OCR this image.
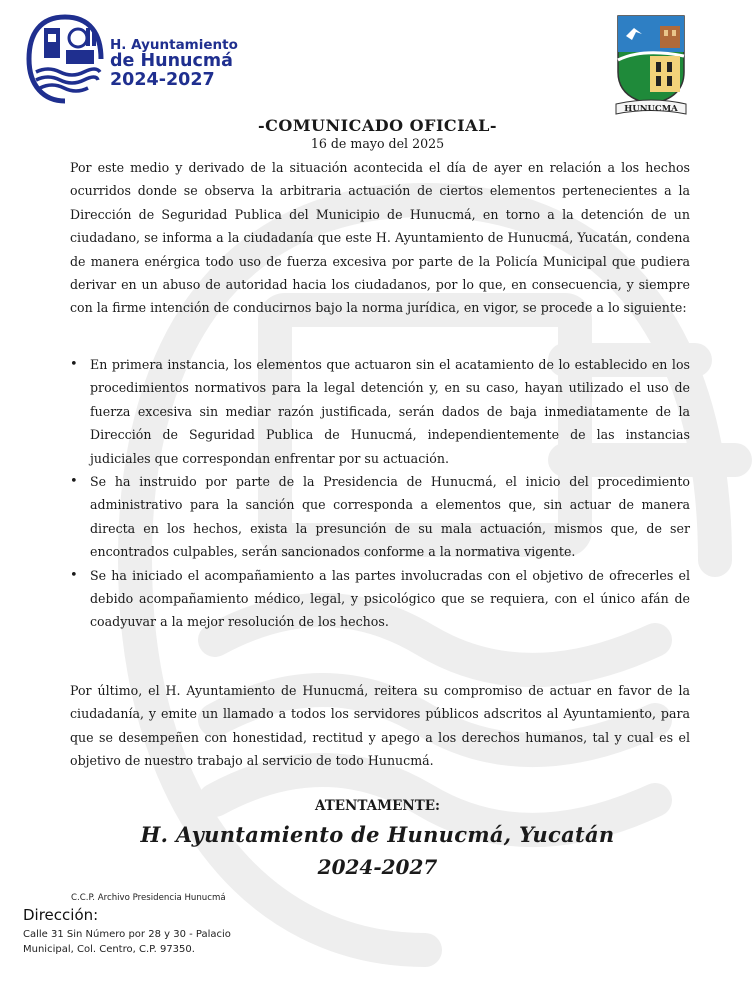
H. Ayuntamiento
de Hunucmá
2024-2027
HUNUCMA
-COMUNICADO OFICIAL-
16 de mayo del 2025
Por este medio y derivado de la situación acontecida el día de ayer en relación a los hechos ocurridos donde se observa la arbitraria actuación de ciertos elementos pertenecientes a la Dirección de Seguridad Publica del Municipio de Hunucmá, en torno a la detención de un ciudadano, se informa a la ciudadanía que este H. Ayuntamiento de Hunucmá, Yucatán, condena de manera enérgica todo uso de fuerza excesiva por parte de la Policía Municipal que pudiera derivar en un abuso de autoridad hacia los ciudadanos, por lo que, en consecuencia, y siempre con la firme intención de conducirnos bajo la norma jurídica, en vigor, se procede a lo siguiente:
• En primera instancia, los elementos que actuaron sin el acatamiento de lo establecido en los procedimientos normativos para la legal detención y, en su caso, hayan utilizado el uso de fuerza excesiva sin mediar razón justificada, serán dados de baja inmediatamente de la Dirección de Seguridad Publica de Hunucmá, independientemente de las instancias judiciales que correspondan enfrentar por su actuación.
• Se ha instruido por parte de la Presidencia de Hunucmá, el inicio del procedimiento administrativo para la sanción que corresponda a elementos que, sin actuar de manera directa en los hechos, exista la presunción de su mala actuación, mismos que, de ser encontrados culpables, serán sancionados conforme a la normativa vigente.
• Se ha iniciado el acompañamiento a las partes involucradas con el objetivo de ofrecerles el debido acompañamiento médico, legal, y psicológico que se requiera, con el único afán de coadyuvar a la mejor resolución de los hechos.
Por último, el H. Ayuntamiento de Hunucmá, reitera su compromiso de actuar en favor de la ciudadanía, y emite un llamado a todos los servidores públicos adscritos al Ayuntamiento, para que se desempeñen con honestidad, rectitud y apego a los derechos humanos, tal y cual es el objetivo de nuestro trabajo al servicio de todo Hunucmá.
ATENTAMENTE:
H. Ayuntamiento de Hunucmá, Yucatán
2024-2027
C.C.P. Archivo Presidencia Hunucmá
Dirección:
Calle 31 Sin Número por 28 y 30 - Palacio
Municipal, Col. Centro, C.P. 97350.
